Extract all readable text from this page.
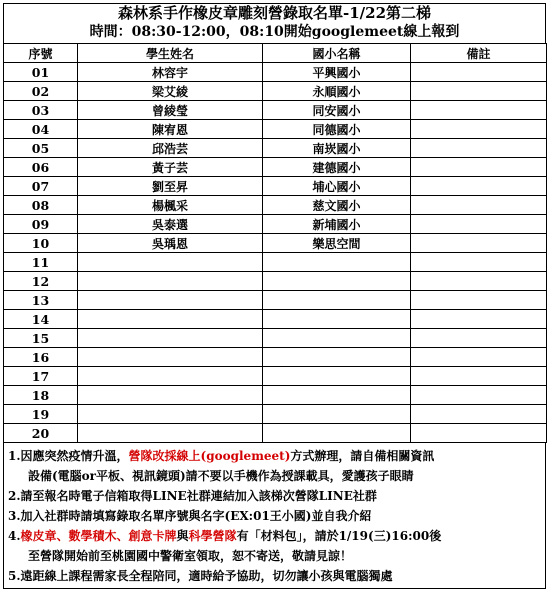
森林系手作橡皮章雕刻營錄取名單-1/22第二梯
時間：08:30-12:00，08:10開始googlemeet線上報到
序號	學生姓名	國小名稱	備註
01	林容宇	平興國小	
02	梁艾綾	永順國小	
03	曾綾瑩	同安國小	
04	陳宥恩	同德國小	
05	邱浩芸	南崁國小	
06	黃子芸	建德國小	
07	劉至昇	埔心國小	
08	楊楓采	慈文國小	
09	吳泰選	新埔國小	
10	吳瑀恩	樂思空間	
11			
12			
13			
14			
15			
16			
17			
18			
19			
20			
1.因應突然疫情升溫，營隊改採線上(googlemeet)方式辦理，請自備相關資訊
設備(電腦or平板、視訊鏡頭)請不要以手機作為授課載具，愛護孩子眼睛
2.請至報名時電子信箱取得LINE社群連結加入該梯次營隊LINE社群
3.加入社群時請填寫錄取名單序號與名字(EX:01王小國)並自我介紹
4.橡皮章、數學積木、創意卡牌與科學營隊有「材料包」，請於1/19(三)16:00後
至營隊開始前至桃園國中警衛室領取，恕不寄送，敬請見諒！
5.遠距線上課程需家長全程陪同，適時給予協助，切勿讓小孩與電腦獨處
